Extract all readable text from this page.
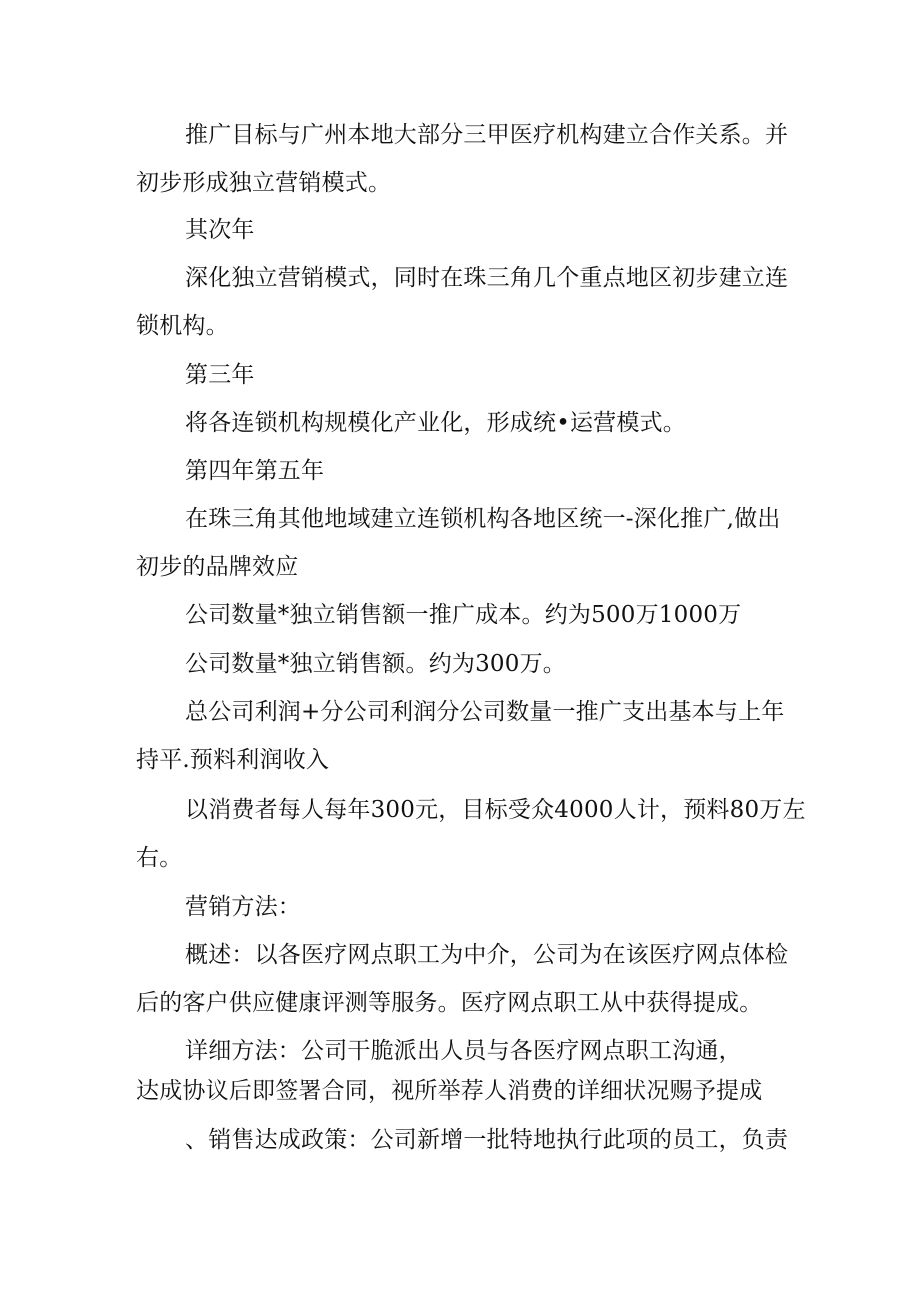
推广目标与广州本地大部分三甲医疗机构建立合作关系。并
初步形成独立营销模式。
其次年
深化独立营销模式，同时在珠三角几个重点地区初步建立连
锁机构。
第三年
将各连锁机构规模化产业化，形成统•运营模式。
第四年第五年
在珠三角其他地域建立连锁机构各地区统一-深化推广,做出
初步的品牌效应
公司数量*独立销售额一推广成本。约为500万1000万
公司数量*独立销售额。约为300万。
总公司利润+分公司利润分公司数量一推广支出基本与上年
持平.预料利润收入
以消费者每人每年300元，目标受众4000人计，预料80万左
右。
营销方法：
概述：以各医疗网点职工为中介，公司为在该医疗网点体检
后的客户供应健康评测等服务。医疗网点职工从中获得提成。
详细方法：公司干脆派出人员与各医疗网点职工沟通，
达成协议后即签署合同，视所举荐人消费的详细状况赐予提成
、销售达成政策：公司新增一批特地执行此项的员工，负责
